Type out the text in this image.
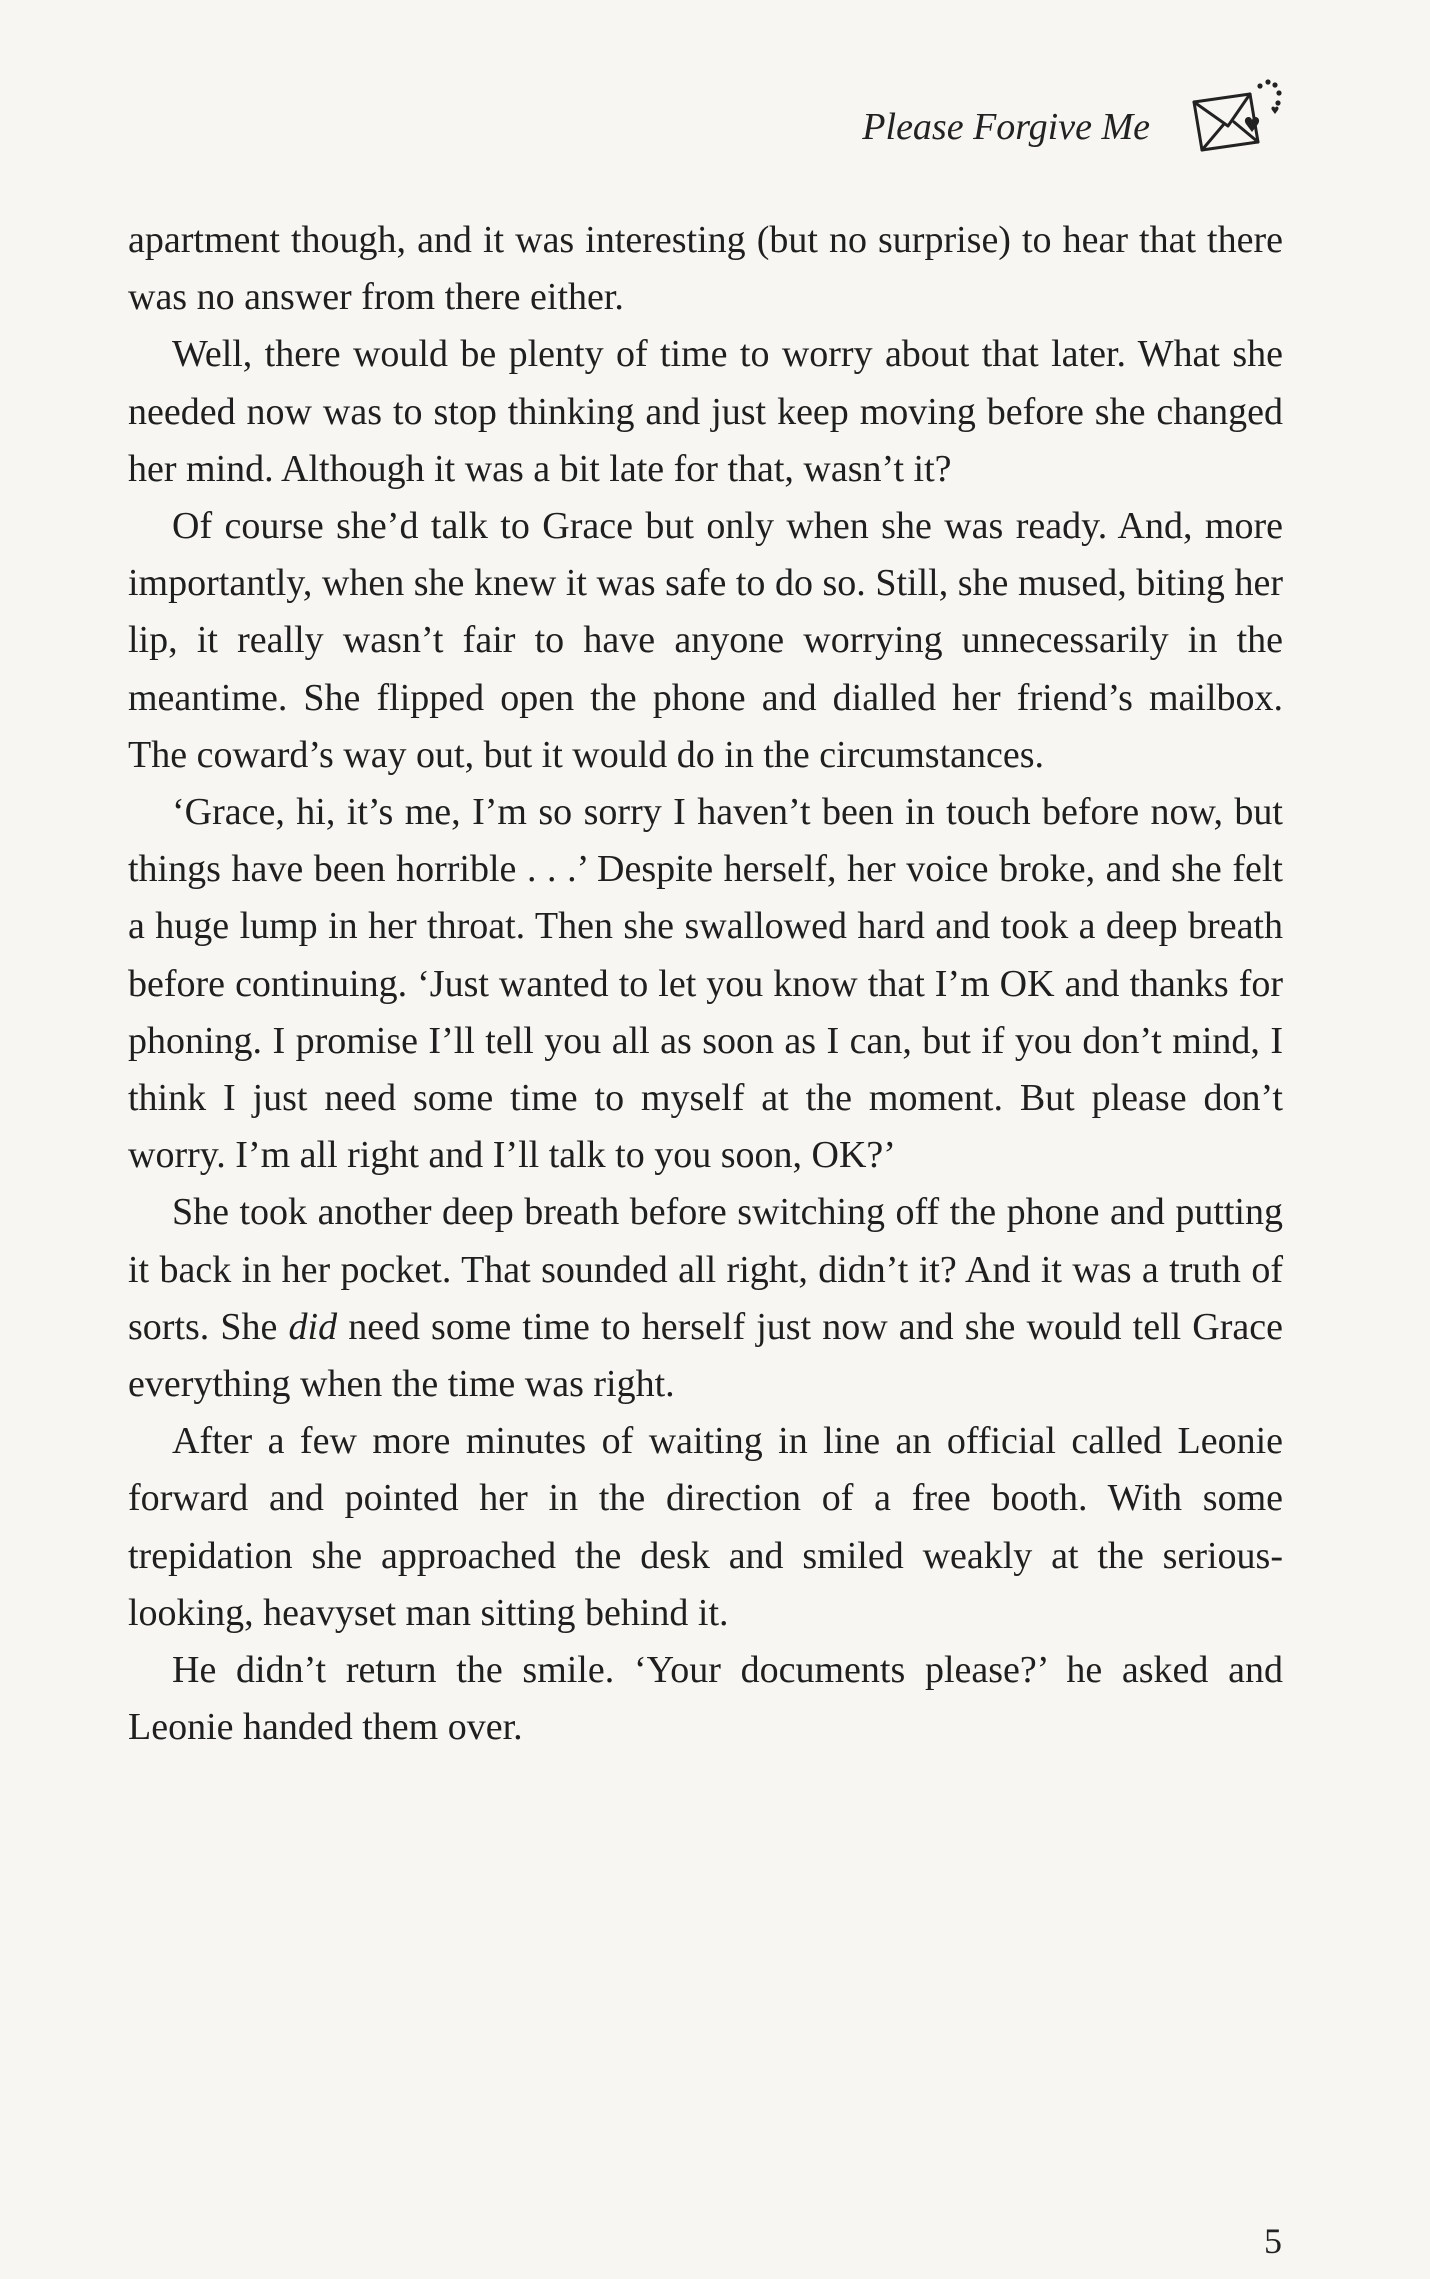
Please Forgive Me

apartment though, and it was interesting (but no surprise) to hear that there was no answer from there either.

Well, there would be plenty of time to worry about that later. What she needed now was to stop thinking and just keep moving before she changed her mind. Although it was a bit late for that, wasn’t it?

Of course she’d talk to Grace but only when she was ready. And, more importantly, when she knew it was safe to do so. Still, she mused, biting her lip, it really wasn’t fair to have anyone worrying unnecessarily in the meantime. She flipped open the phone and dialled her friend’s mailbox. The coward’s way out, but it would do in the circumstances.

‘Grace, hi, it’s me, I’m so sorry I haven’t been in touch before now, but things have been horrible . . .’ Despite herself, her voice broke, and she felt a huge lump in her throat. Then she swallowed hard and took a deep breath before continuing. ‘Just wanted to let you know that I’m OK and thanks for phoning. I promise I’ll tell you all as soon as I can, but if you don’t mind, I think I just need some time to myself at the moment. But please don’t worry. I’m all right and I’ll talk to you soon, OK?’

She took another deep breath before switching off the phone and putting it back in her pocket. That sounded all right, didn’t it? And it was a truth of sorts. She did need some time to herself just now and she would tell Grace everything when the time was right.

After a few more minutes of waiting in line an official called Leonie forward and pointed her in the direction of a free booth. With some trepidation she approached the desk and smiled weakly at the serious-looking, heavyset man sitting behind it.

He didn’t return the smile. ‘Your documents please?’ he asked and Leonie handed them over.

5
